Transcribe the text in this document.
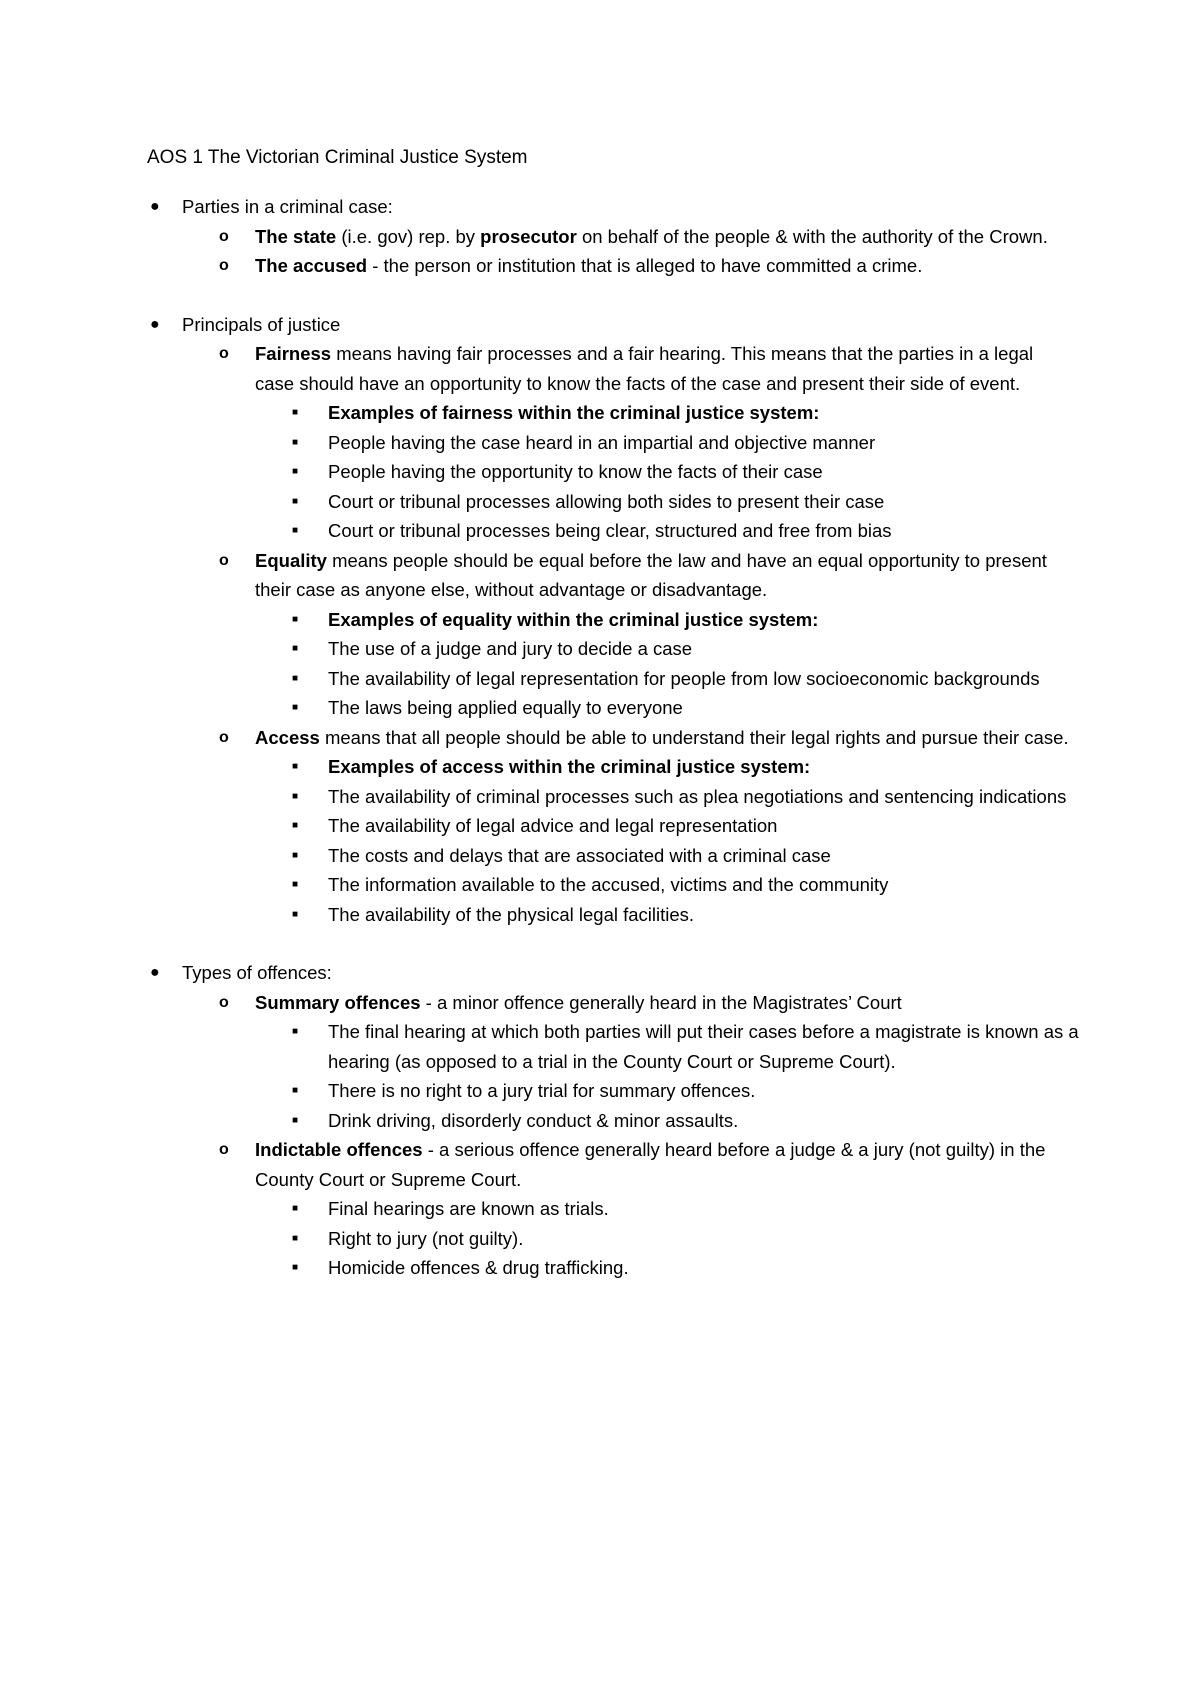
AOS 1 The Victorian Criminal Justice System
● Parties in a criminal case:
o The state (i.e. gov) rep. by prosecutor on behalf of the people & with the authority of the Crown.
o The accused - the person or institution that is alleged to have committed a crime.
● Principals of justice
o Fairness means having fair processes and a fair hearing. This means that the parties in a legal case should have an opportunity to know the facts of the case and present their side of event.
■ Examples of fairness within the criminal justice system:
■ People having the case heard in an impartial and objective manner
■ People having the opportunity to know the facts of their case
■ Court or tribunal processes allowing both sides to present their case
■ Court or tribunal processes being clear, structured and free from bias
o Equality means people should be equal before the law and have an equal opportunity to present their case as anyone else, without advantage or disadvantage.
■ Examples of equality within the criminal justice system:
■ The use of a judge and jury to decide a case
■ The availability of legal representation for people from low socioeconomic backgrounds
■ The laws being applied equally to everyone
o Access means that all people should be able to understand their legal rights and pursue their case.
■ Examples of access within the criminal justice system:
■ The availability of criminal processes such as plea negotiations and sentencing indications
■ The availability of legal advice and legal representation
■ The costs and delays that are associated with a criminal case
■ The information available to the accused, victims and the community
■ The availability of the physical legal facilities.
● Types of offences:
o Summary offences - a minor offence generally heard in the Magistrates’ Court
■ The final hearing at which both parties will put their cases before a magistrate is known as a hearing (as opposed to a trial in the County Court or Supreme Court).
■ There is no right to a jury trial for summary offences.
■ Drink driving, disorderly conduct & minor assaults.
o Indictable offences - a serious offence generally heard before a judge & a jury (not guilty) in the County Court or Supreme Court.
■ Final hearings are known as trials.
■ Right to jury (not guilty).
■ Homicide offences & drug trafficking.
